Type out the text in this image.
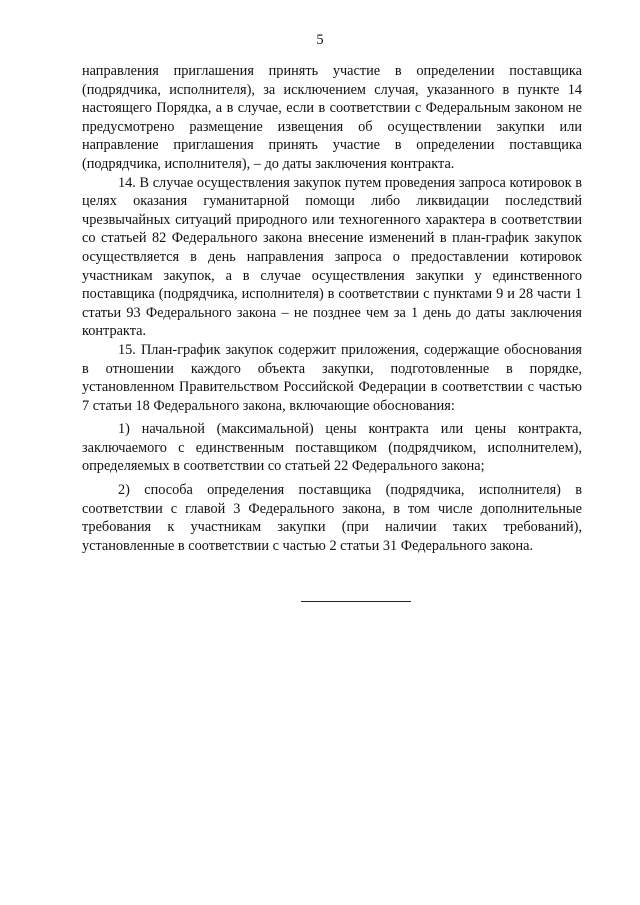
5

направления приглашения принять участие в определении поставщика (подрядчика, исполнителя), за исключением случая, указанного в пункте 14 настоящего Порядка, а в случае, если в соответствии с Федеральным законом не предусмотрено размещение извещения об осуществлении закупки или направление приглашения принять участие в определении поставщика (подрядчика, исполнителя), – до даты заключения контракта.

14. В случае осуществления закупок путем проведения запроса котировок в целях оказания гуманитарной помощи либо ликвидации последствий чрезвычайных ситуаций природного или техногенного характера в соответствии со статьей 82 Федерального закона внесение изменений в план-график закупок осуществляется в день направления запроса о предоставлении котировок участникам закупок, а в случае осуществления закупки у единственного поставщика (подрядчика, исполнителя) в соответствии с пунктами 9 и 28 части 1 статьи 93 Федерального закона – не позднее чем за 1 день до даты заключения контракта.

15. План-график закупок содержит приложения, содержащие обоснования в отношении каждого объекта закупки, подготовленные в порядке, установленном Правительством Российской Федерации в соответствии с частью 7 статьи 18 Федерального закона, включающие обоснования:

1) начальной (максимальной) цены контракта или цены контракта, заключаемого с единственным поставщиком (подрядчиком, исполнителем), определяемых в соответствии со статьей 22 Федерального закона;

2) способа определения поставщика (подрядчика, исполнителя) в соответствии с главой 3 Федерального закона, в том числе дополнительные требования к участникам закупки (при наличии таких требований), установленные в соответствии с частью 2 статьи 31 Федерального закона.
